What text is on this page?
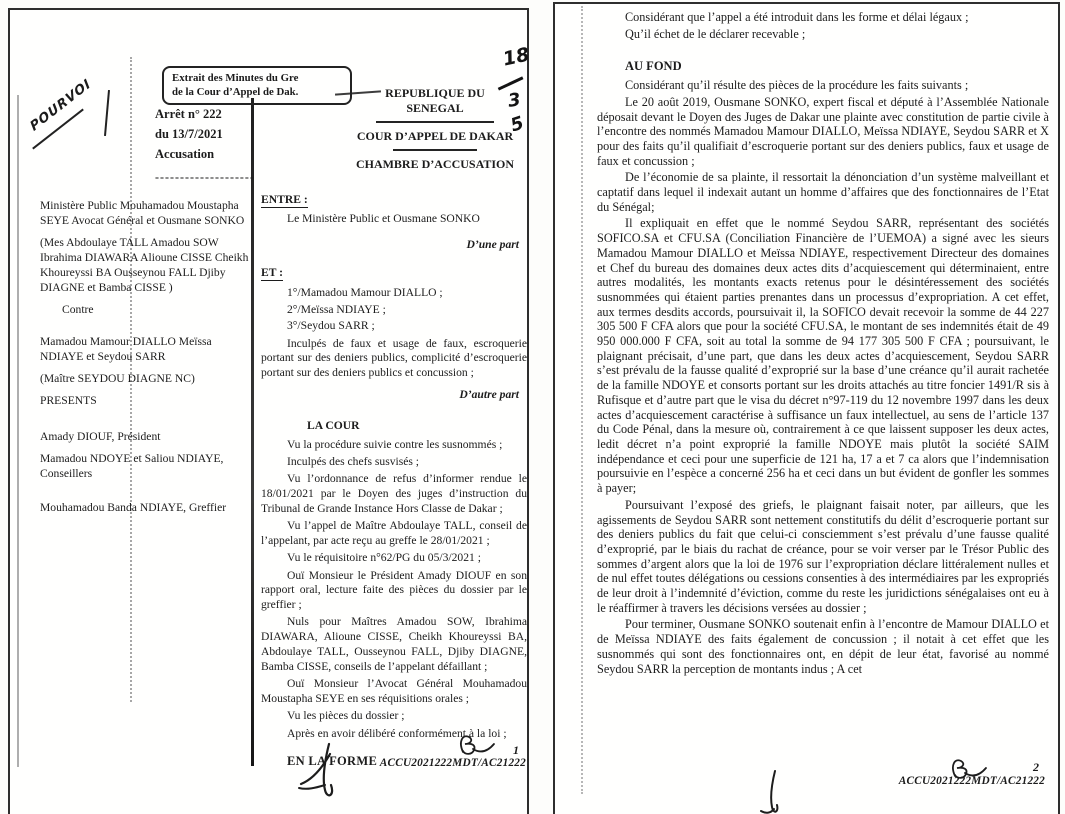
POURVOI	Extrait des Minutes du Gre
de la Cour d’Appel de Dak.
Arrêt n° 222
du 13/7/2021
Accusation
--------------------
REPUBLIQUE DU SENEGAL
COUR D’APPEL DE DAKAR
CHAMBRE D’ACCUSATION
18
3
5

Ministère Public Mouhamadou Moustapha SEYE Avocat Général et Ousmane SONKO

(Mes Abdoulaye TALL Amadou SOW Ibrahima DIAWARA Alioune CISSE Cheikh Khoureyssi BA Ousseynou FALL Djiby DIAGNE et Bamba CISSE )

Contre

Mamadou Mamour DIALLO Meïssa NDIAYE et Seydou SARR

(Maître SEYDOU DIAGNE NC)

PRESENTS

Amady DIOUF, Président

Mamadou NDOYE et Saliou NDIAYE, Conseillers

Mouhamadou Banda NDIAYE, Greffier

ENTRE :
Le Ministère Public et Ousmane SONKO
D’une part
ET :
1°/Mamadou Mamour DIALLO ;
2°/Meïssa NDIAYE ;
3°/Seydou SARR ;
Inculpés de faux et usage de faux, escroquerie portant sur des deniers publics, complicité d’escroquerie portant sur des deniers publics et concussion ;
D’autre part
LA COUR
Vu la procédure suivie contre les susnommés ;
Inculpés des chefs susvisés ;
Vu l’ordonnance de refus d’informer rendue le 18/01/2021 par le Doyen des juges d’instruction du Tribunal de Grande Instance Hors Classe de Dakar ;
Vu l’appel de Maître Abdoulaye TALL, conseil de l’appelant, par acte reçu au greffe le 28/01/2021 ;
Vu le réquisitoire n°62/PG du 05/3/2021 ;
Ouï Monsieur le Président Amady DIOUF en son rapport oral, lecture faite des pièces du dossier par le greffier ;
Nuls pour Maîtres Amadou SOW, Ibrahima DIAWARA, Alioune CISSE, Cheikh Khoureyssi BA, Abdoulaye TALL, Ousseynou FALL, Djiby DIAGNE, Bamba CISSE, conseils de l’appelant défaillant ;
Ouï Monsieur l’Avocat Général Mouhamadou Moustapha SEYE en ses réquisitions orales ;
Vu les pièces du dossier ;
Après en avoir délibéré conformément à la loi ;
EN LA FORME
1
ACCU2021222MDT/AC21222

Considérant que l’appel a été introduit dans les forme et délai légaux ;

Qu’il échet de le déclarer recevable ;

AU FOND

Considérant qu’il résulte des pièces de la procédure les faits suivants ;

Le 20 août 2019, Ousmane SONKO, expert fiscal et député à l’Assemblée Nationale déposait devant le Doyen des Juges de Dakar une plainte avec constitution de partie civile à l’encontre des nommés Mamadou Mamour DIALLO, Meïssa NDIAYE, Seydou SARR et X pour des faits qu’il qualifiait d’escroquerie portant sur des deniers publics, faux et usage de faux et concussion ;

De l’économie de sa plainte, il ressortait la dénonciation d’un système malveillant et captatif dans lequel il indexait autant un homme d’affaires que des fonctionnaires de l’Etat du Sénégal;

Il expliquait en effet que le nommé Seydou SARR, représentant des sociétés SOFICO.SA et CFU.SA (Conciliation Financière de l’UEMOA) a signé avec les sieurs Mamadou Mamour DIALLO et Meïssa NDIAYE, respectivement Directeur des domaines et Chef du bureau des domaines deux actes dits d’acquiescement qui déterminaient, entre autres modalités, les montants exacts retenus pour le désintéressement des sociétés susnommées qui étaient parties prenantes dans un processus d’expropriation. A cet effet, aux termes desdits accords, poursuivait il, la SOFICO devait recevoir la somme de 44 227 305 500 F CFA alors que pour la société CFU.SA, le montant de ses indemnités était de 49 950 000.000 F CFA, soit au total la somme de 94 177 305 500 F CFA ; poursuivant, le plaignant précisait, d’une part, que dans les deux actes d’acquiescement, Seydou SARR s’est prévalu de la fausse qualité d’exproprié sur la base d’une créance qu’il aurait rachetée de la famille NDOYE et consorts portant sur les droits attachés au titre foncier 1491/R sis à Rufisque et d’autre part que le visa du décret n°97-119 du 12 novembre 1997 dans les deux actes d’acquiescement caractérise à suffisance un faux intellectuel, au sens de l’article 137 du Code Pénal, dans la mesure où, contrairement à ce que laissent supposer les deux actes, ledit décret n’a point exproprié la famille NDOYE mais plutôt la société SAIM indépendance et ceci pour une superficie de 121 ha, 17 a et 7 ca alors que l’indemnisation poursuivie en l’espèce a concerné 256 ha et ceci dans un but évident de gonfler les sommes à payer;

Poursuivant l’exposé des griefs, le plaignant faisait noter, par ailleurs, que les agissements de Seydou SARR sont nettement constitutifs du délit d’escroquerie portant sur des deniers publics du fait que celui-ci consciemment s’est prévalu d’une fausse qualité d’exproprié, par le biais du rachat de créance, pour se voir verser par le Trésor Public des sommes d’argent alors que la loi de 1976 sur l’expropriation déclare littéralement nulles et de nul effet toutes délégations ou cessions consenties à des intermédiaires par les expropriés de leur droit à l’indemnité d’éviction, comme du reste les juridictions sénégalaises ont eu à le réaffirmer à travers les décisions versées au dossier ;

Pour terminer, Ousmane SONKO soutenait enfin à l’encontre de Mamour DIALLO et de Meïssa NDIAYE des faits également de concussion ; il notait à cet effet que les susnommés qui sont des fonctionnaires ont, en dépit de leur état, favorisé au nommé Seydou SARR la perception de montants indus ; A cet

2
ACCU2021222MDT/AC21222
